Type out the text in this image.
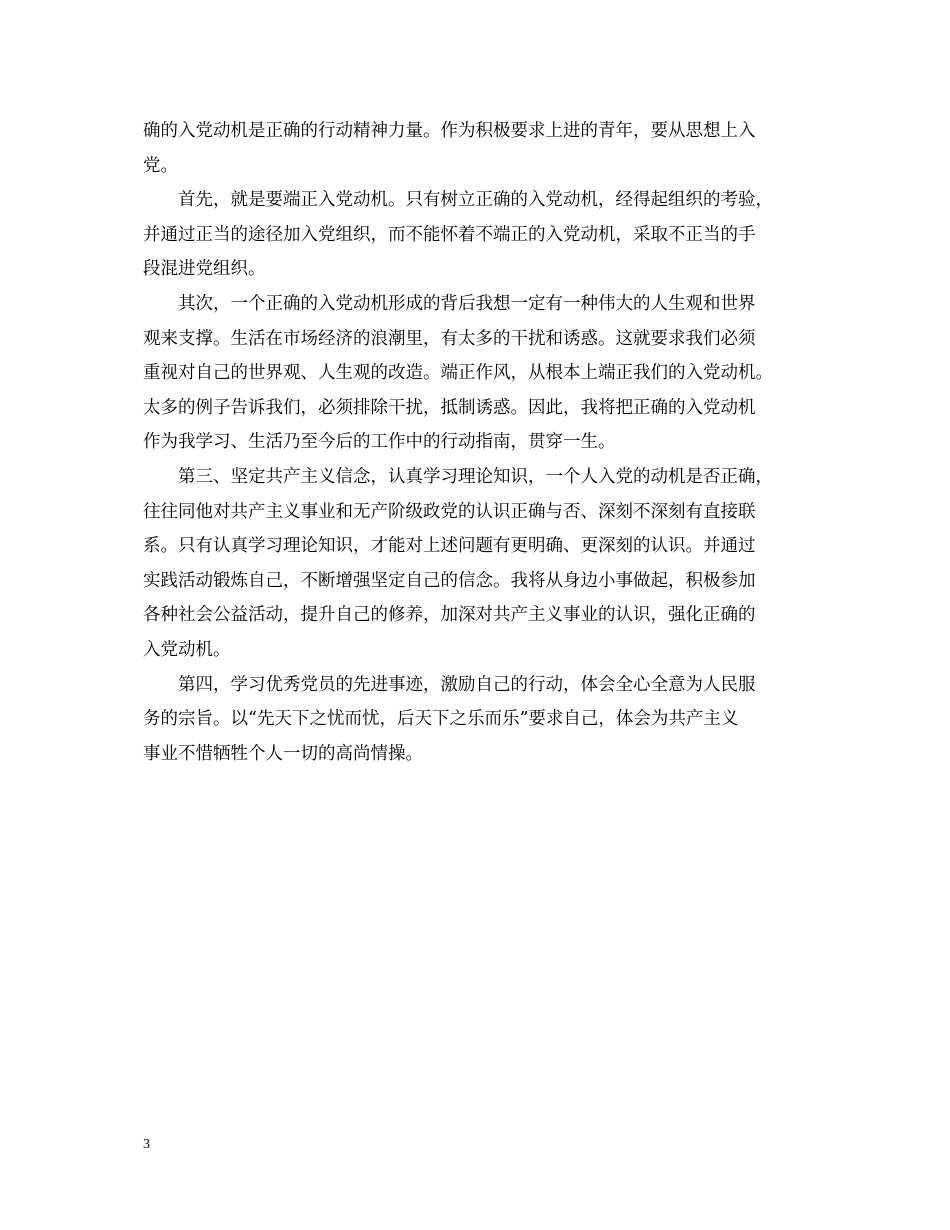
确的入党动机是正确的行动精神力量。作为积极要求上进的青年，要从思想上入
党。
首先，就是要端正入党动机。只有树立正确的入党动机，经得起组织的考验，
并通过正当的途径加入党组织，而不能怀着不端正的入党动机，采取不正当的手
段混进党组织。
其次，一个正确的入党动机形成的背后我想一定有一种伟大的人生观和世界
观来支撑。生活在市场经济的浪潮里，有太多的干扰和诱惑。这就要求我们必须
重视对自己的世界观、人生观的改造。端正作风，从根本上端正我们的入党动机。
太多的例子告诉我们，必须排除干扰，抵制诱惑。因此，我将把正确的入党动机
作为我学习、生活乃至今后的工作中的行动指南，贯穿一生。
第三、坚定共产主义信念，认真学习理论知识，一个人入党的动机是否正确，
往往同他对共产主义事业和无产阶级政党的认识正确与否、深刻不深刻有直接联
系。只有认真学习理论知识，才能对上述问题有更明确、更深刻的认识。并通过
实践活动锻炼自己，不断增强坚定自己的信念。我将从身边小事做起，积极参加
各种社会公益活动，提升自己的修养，加深对共产主义事业的认识，强化正确的
入党动机。
第四，学习优秀党员的先进事迹，激励自己的行动，体会全心全意为人民服
务的宗旨。以“先天下之忧而忧，后天下之乐而乐”要求自己，体会为共产主义
事业不惜牺牲个人一切的高尚情操。
3
